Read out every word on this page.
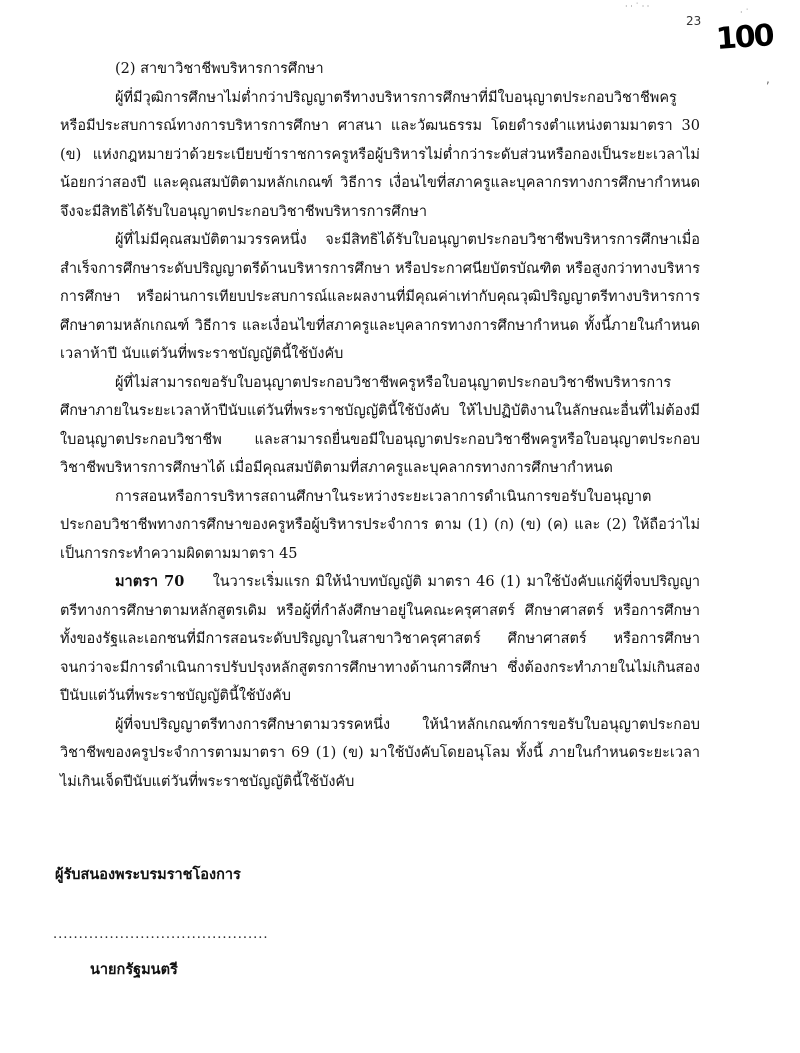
23 100
· · ˙ · ·
· ˙
,

(2) สาขาวิชาชีพบริหารการศึกษา

ผู้ที่มีวุฒิการศึกษาไม่ต่ำกว่าปริญญาตรีทางบริหารการศึกษาที่มีใบอนุญาตประกอบวิชาชีพครู หรือมีประสบการณ์ทางการบริหารการศึกษา ศาสนา และวัฒนธรรม โดยดำรงตำแหน่งตามมาตรา 30 (ข) แห่งกฎหมายว่าด้วยระเบียบข้าราชการครูหรือผู้บริหารไม่ต่ำกว่าระดับส่วนหรือกองเป็นระยะเวลาไม่น้อยกว่าสองปี และคุณสมบัติตามหลักเกณฑ์ วิธีการ เงื่อนไขที่สภาครูและบุคลากรทางการศึกษากำหนดจึงจะมีสิทธิได้รับใบอนุญาตประกอบวิชาชีพบริหารการศึกษา

ผู้ที่ไม่มีคุณสมบัติตามวรรคหนึ่ง จะมีสิทธิได้รับใบอนุญาตประกอบวิชาชีพบริหารการศึกษาเมื่อสำเร็จการศึกษาระดับปริญญาตรีด้านบริหารการศึกษา หรือประกาศนียบัตรบัณฑิต หรือสูงกว่าทางบริหารการศึกษา หรือผ่านการเทียบประสบการณ์และผลงานที่มีคุณค่าเท่ากับคุณวุฒิปริญญาตรีทางบริหารการศึกษาตามหลักเกณฑ์ วิธีการ และเงื่อนไขที่สภาครูและบุคลากรทางการศึกษากำหนด ทั้งนี้ภายในกำหนดเวลาห้าปี นับแต่วันที่พระราชบัญญัตินี้ใช้บังคับ

ผู้ที่ไม่สามารถขอรับใบอนุญาตประกอบวิชาชีพครูหรือใบอนุญาตประกอบวิชาชีพบริหารการศึกษาภายในระยะเวลาห้าปีนับแต่วันที่พระราชบัญญัตินี้ใช้บังคับ ให้ไปปฏิบัติงานในลักษณะอื่นที่ไม่ต้องมีใบอนุญาตประกอบวิชาชีพ และสามารถยื่นขอมีใบอนุญาตประกอบวิชาชีพครูหรือใบอนุญาตประกอบวิชาชีพบริหารการศึกษาได้ เมื่อมีคุณสมบัติตามที่สภาครูและบุคลากรทางการศึกษากำหนด

การสอนหรือการบริหารสถานศึกษาในระหว่างระยะเวลาการดำเนินการขอรับใบอนุญาตประกอบวิชาชีพทางการศึกษาของครูหรือผู้บริหารประจำการ ตาม (1) (ก) (ข) (ค) และ (2) ให้ถือว่าไม่เป็นการกระทำความผิดตามมาตรา 45

มาตรา 70 ในวาระเริ่มแรก มิให้นำบทบัญญัติ มาตรา 46 (1) มาใช้บังคับแก่ผู้ที่จบปริญญาตรีทางการศึกษาตามหลักสูตรเดิม หรือผู้ที่กำลังศึกษาอยู่ในคณะครุศาสตร์ ศึกษาศาสตร์ หรือการศึกษาทั้งของรัฐและเอกชนที่มีการสอนระดับปริญญาในสาขาวิชาครุศาสตร์ ศึกษาศาสตร์ หรือการศึกษา จนกว่าจะมีการดำเนินการปรับปรุงหลักสูตรการศึกษาทางด้านการศึกษา ซึ่งต้องกระทำภายในไม่เกินสองปีนับแต่วันที่พระราชบัญญัตินี้ใช้บังคับ

ผู้ที่จบปริญญาตรีทางการศึกษาตามวรรคหนึ่ง ให้นำหลักเกณฑ์การขอรับใบอนุญาตประกอบวิชาชีพของครูประจำการตามมาตรา 69 (1) (ข) มาใช้บังคับโดยอนุโลม ทั้งนี้ ภายในกำหนดระยะเวลาไม่เกินเจ็ดปีนับแต่วันที่พระราชบัญญัตินี้ใช้บังคับ

ผู้รับสนองพระบรมราชโองการ
..........................................
นายกรัฐมนตรี
